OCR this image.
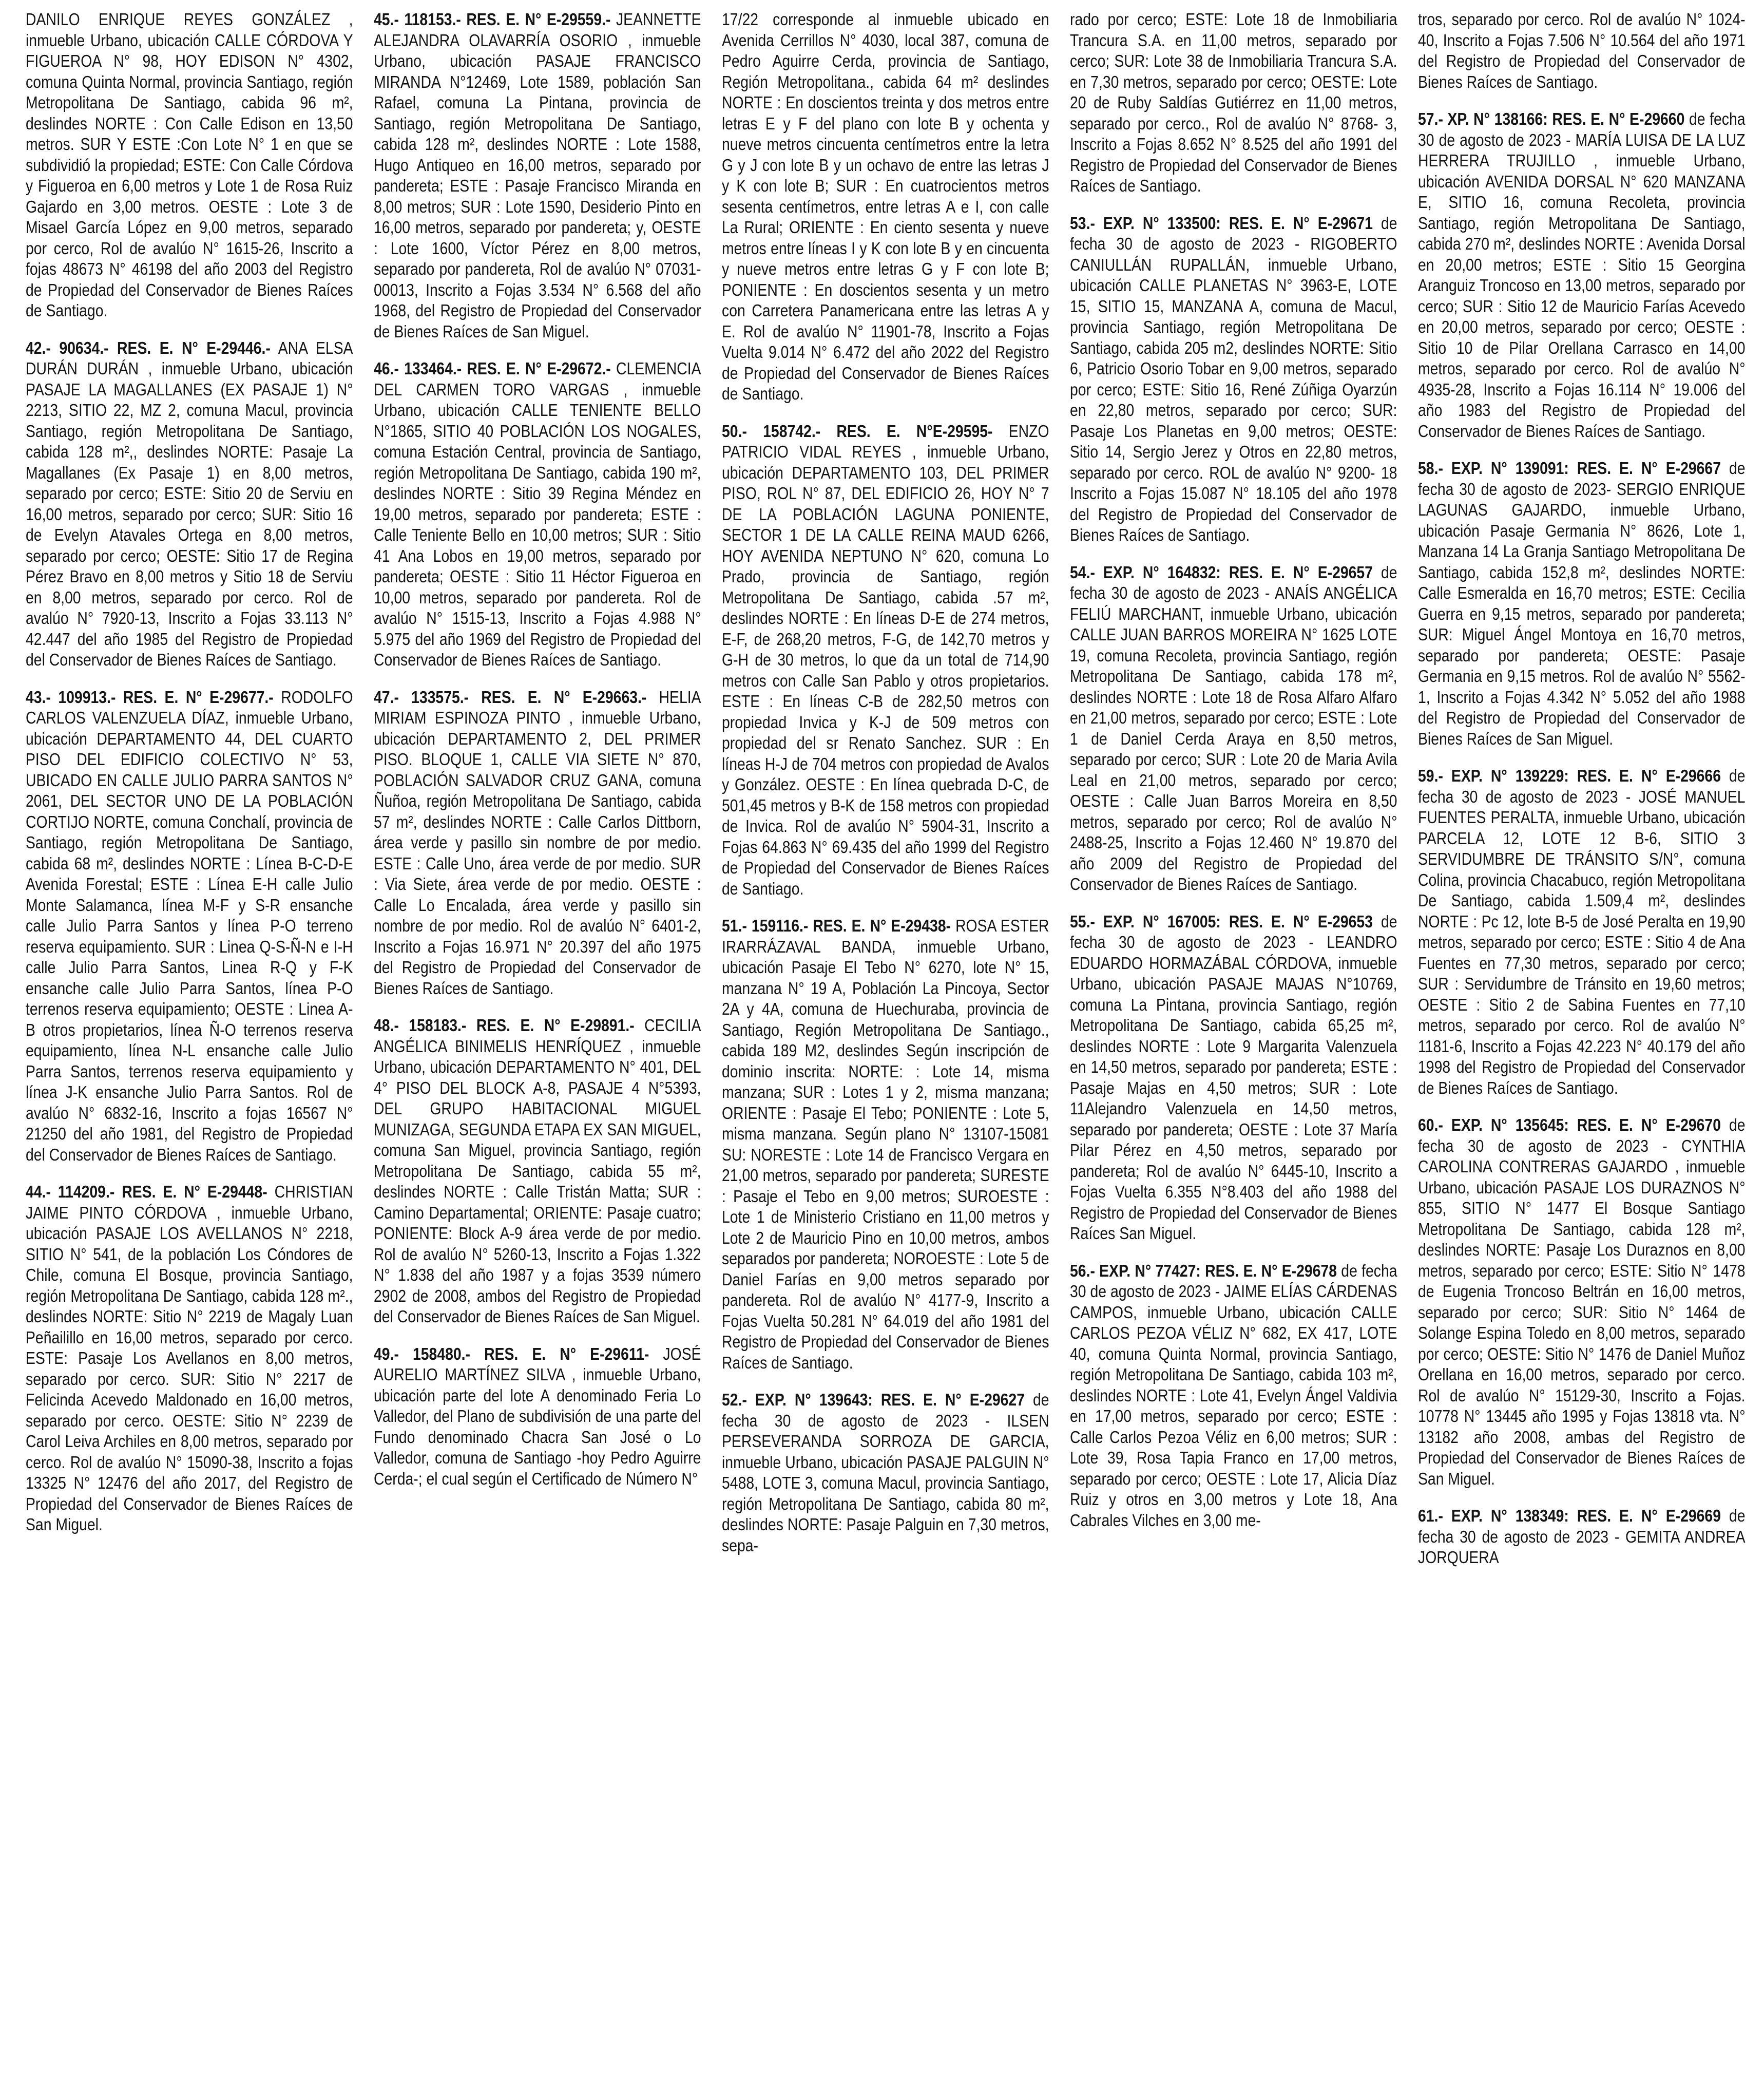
DANILO ENRIQUE REYES GONZÁLEZ , inmueble Urbano, ubicación CALLE CÓRDOVA Y FIGUEROA N° 98, HOY EDISON N° 4302, comuna Quinta Normal, provincia Santiago, región Metropolitana De Santiago, cabida 96 m², deslindes NORTE : Con Calle Edison en 13,50 metros. SUR Y ESTE :Con Lote N° 1 en que se subdividió la propiedad; ESTE: Con Calle Córdova y Figueroa en 6,00 metros y Lote 1 de Rosa Ruiz Gajardo en 3,00 metros. OESTE : Lote 3 de Misael García López en 9,00 metros, separado por cerco, Rol de avalúo N° 1615-26, Inscrito a fojas 48673 N° 46198 del año 2003 del Registro de Propiedad del Conservador de Bienes Raíces de Santiago.

42.- 90634.- RES. E. N° E-29446.- ANA ELSA DURÁN DURÁN , inmueble Urbano, ubicación PASAJE LA MAGALLANES (EX PASAJE 1) N° 2213, SITIO 22, MZ 2, comuna Macul, provincia Santiago, región Metropolitana De Santiago, cabida 128 m²,, deslindes NORTE: Pasaje La Magallanes (Ex Pasaje 1) en 8,00 metros, separado por cerco; ESTE: Sitio 20 de Serviu en 16,00 metros, separado por cerco; SUR: Sitio 16 de Evelyn Atavales Ortega en 8,00 metros, separado por cerco; OESTE: Sitio 17 de Regina Pérez Bravo en 8,00 metros y Sitio 18 de Serviu en 8,00 metros, separado por cerco. Rol de avalúo N° 7920-13, Inscrito a Fojas 33.113 N° 42.447 del año 1985 del Registro de Propiedad del Conservador de Bienes Raíces de Santiago.

43.- 109913.- RES. E. N° E-29677.- RODOLFO CARLOS VALENZUELA DÍAZ, inmueble Urbano, ubicación DEPARTAMENTO 44, DEL CUARTO PISO DEL EDIFICIO COLECTIVO N° 53, UBICADO EN CALLE JULIO PARRA SANTOS N° 2061, DEL SECTOR UNO DE LA POBLACIÓN CORTIJO NORTE, comuna Conchalí, provincia de Santiago, región Metropolitana De Santiago, cabida 68 m², deslindes NORTE : Línea B-C-D-E Avenida Forestal; ESTE : Línea E-H calle Julio Monte Salamanca, línea M-F y S-R ensanche calle Julio Parra Santos y línea P-O terreno reserva equipamiento. SUR : Linea Q-S-Ñ-N e I-H calle Julio Parra Santos, Linea R-Q y F-K ensanche calle Julio Parra Santos, línea P-O terrenos reserva equipamiento; OESTE : Linea A-B otros propietarios, línea Ñ-O terrenos reserva equipamiento, línea N-L ensanche calle Julio Parra Santos, terrenos reserva equipamiento y línea J-K ensanche Julio Parra Santos. Rol de avalúo N° 6832-16, Inscrito a fojas 16567 N° 21250 del año 1981, del Registro de Propiedad del Conservador de Bienes Raíces de Santiago.

44.- 114209.- RES. E. N° E-29448- CHRISTIAN JAIME PINTO CÓRDOVA , inmueble Urbano, ubicación PASAJE LOS AVELLANOS N° 2218, SITIO N° 541, de la población Los Cóndores de Chile, comuna El Bosque, provincia Santiago, región Metropolitana De Santiago, cabida 128 m²., deslindes NORTE: Sitio N° 2219 de Magaly Luan Peñailillo en 16,00 metros, separado por cerco. ESTE: Pasaje Los Avellanos en 8,00 metros, separado por cerco. SUR: Sitio N° 2217 de Felicinda Acevedo Maldonado en 16,00 metros, separado por cerco. OESTE: Sitio N° 2239 de Carol Leiva Archiles en 8,00 metros, separado por cerco. Rol de avalúo N° 15090-38, Inscrito a fojas 13325 N° 12476 del año 2017, del Registro de Propiedad del Conservador de Bienes Raíces de San Miguel.

45.- 118153.- RES. E. N° E-29559.- JEANNETTE ALEJANDRA OLAVARRÍA OSORIO , inmueble Urbano, ubicación PASAJE FRANCISCO MIRANDA N°12469, Lote 1589, población San Rafael, comuna La Pintana, provincia de Santiago, región Metropolitana De Santiago, cabida 128 m², deslindes NORTE : Lote 1588, Hugo Antiqueo en 16,00 metros, separado por pandereta; ESTE : Pasaje Francisco Miranda en 8,00 metros; SUR : Lote 1590, Desiderio Pinto en 16,00 metros, separado por pandereta; y, OESTE : Lote 1600, Víctor Pérez en 8,00 metros, separado por pandereta, Rol de avalúo N° 07031- 00013, Inscrito a Fojas 3.534 N° 6.568 del año 1968, del Registro de Propiedad del Conservador de Bienes Raíces de San Miguel.

46.- 133464.- RES. E. N° E-29672.- CLEMENCIA DEL CARMEN TORO VARGAS , inmueble Urbano, ubicación CALLE TENIENTE BELLO N°1865, SITIO 40 POBLACIÓN LOS NOGALES, comuna Estación Central, provincia de Santiago, región Metropolitana De Santiago, cabida 190 m², deslindes NORTE : Sitio 39 Regina Méndez en 19,00 metros, separado por pandereta; ESTE : Calle Teniente Bello en 10,00 metros; SUR : Sitio 41 Ana Lobos en 19,00 metros, separado por pandereta; OESTE : Sitio 11 Héctor Figueroa en 10,00 metros, separado por pandereta. Rol de avalúo N° 1515-13, Inscrito a Fojas 4.988 N° 5.975 del año 1969 del Registro de Propiedad del Conservador de Bienes Raíces de Santiago.

47.- 133575.- RES. E. N° E-29663.- HELIA MIRIAM ESPINOZA PINTO , inmueble Urbano, ubicación DEPARTAMENTO 2, DEL PRIMER PISO. BLOQUE 1, CALLE VIA SIETE N° 870, POBLACIÓN SALVADOR CRUZ GANA, comuna Ñuñoa, región Metropolitana De Santiago, cabida 57 m², deslindes NORTE : Calle Carlos Dittborn, área verde y pasillo sin nombre de por medio. ESTE : Calle Uno, área verde de por medio. SUR : Via Siete, área verde de por medio. OESTE : Calle Lo Encalada, área verde y pasillo sin nombre de por medio. Rol de avalúo N° 6401-2, Inscrito a Fojas 16.971 N° 20.397 del año 1975 del Registro de Propiedad del Conservador de Bienes Raíces de Santiago.

48.- 158183.- RES. E. N° E-29891.- CECILIA ANGÉLICA BINIMELIS HENRÍQUEZ , inmueble Urbano, ubicación DEPARTAMENTO N° 401, DEL 4° PISO DEL BLOCK A-8, PASAJE 4 N°5393, DEL GRUPO HABITACIONAL MIGUEL MUNIZAGA, SEGUNDA ETAPA EX SAN MIGUEL, comuna San Miguel, provincia Santiago, región Metropolitana De Santiago, cabida 55 m², deslindes NORTE : Calle Tristán Matta; SUR : Camino Departamental; ORIENTE: Pasaje cuatro; PONIENTE: Block A-9 área verde de por medio. Rol de avalúo N° 5260-13, Inscrito a Fojas 1.322 N° 1.838 del año 1987 y a fojas 3539 número 2902 de 2008, ambos del Registro de Propiedad del Conservador de Bienes Raíces de San Miguel.

49.- 158480.- RES. E. N° E-29611- JOSÉ AURELIO MARTÍNEZ SILVA , inmueble Urbano, ubicación parte del lote A denominado Feria Lo Valledor, del Plano de subdivisión de una parte del Fundo denominado Chacra San José o Lo Valledor, comuna de Santiago -hoy Pedro Aguirre Cerda-; el cual según el Certificado de Número N°

17/22 corresponde al inmueble ubicado en Avenida Cerrillos N° 4030, local 387, comuna de Pedro Aguirre Cerda, provincia de Santiago, Región Metropolitana., cabida 64 m² deslindes NORTE : En doscientos treinta y dos metros entre letras E y F del plano con lote B y ochenta y nueve metros cincuenta centímetros entre la letra G y J con lote B y un ochavo de entre las letras J y K con lote B; SUR : En cuatrocientos metros sesenta centímetros, entre letras A e I, con calle La Rural; ORIENTE : En ciento sesenta y nueve metros entre líneas I y K con lote B y en cincuenta y nueve metros entre letras G y F con lote B; PONIENTE : En doscientos sesenta y un metro con Carretera Panamericana entre las letras A y E. Rol de avalúo N° 11901-78, Inscrito a Fojas Vuelta 9.014 N° 6.472 del año 2022 del Registro de Propiedad del Conservador de Bienes Raíces de Santiago.

50.- 158742.- RES. E. N°E-29595- ENZO PATRICIO VIDAL REYES , inmueble Urbano, ubicación DEPARTAMENTO 103, DEL PRIMER PISO, ROL N° 87, DEL EDIFICIO 26, HOY N° 7 DE LA POBLACIÓN LAGUNA PONIENTE, SECTOR 1 DE LA CALLE REINA MAUD 6266, HOY AVENIDA NEPTUNO N° 620, comuna Lo Prado, provincia de Santiago, región Metropolitana De Santiago, cabida .57 m², deslindes NORTE : En líneas D-E de 274 metros, E-F, de 268,20 metros, F-G, de 142,70 metros y G-H de 30 metros, lo que da un total de 714,90 metros con Calle San Pablo y otros propietarios. ESTE : En líneas C-B de 282,50 metros con propiedad Invica y K-J de 509 metros con propiedad del sr Renato Sanchez. SUR : En líneas H-J de 704 metros con propiedad de Avalos y González. OESTE : En línea quebrada D-C, de 501,45 metros y B-K de 158 metros con propiedad de Invica. Rol de avalúo N° 5904-31, Inscrito a Fojas 64.863 N° 69.435 del año 1999 del Registro de Propiedad del Conservador de Bienes Raíces de Santiago.

51.- 159116.- RES. E. N° E-29438- ROSA ESTER IRARRÁZAVAL BANDA, inmueble Urbano, ubicación Pasaje El Tebo N° 6270, lote N° 15, manzana N° 19 A, Población La Pincoya, Sector 2A y 4A, comuna de Huechuraba, provincia de Santiago, Región Metropolitana De Santiago., cabida 189 M2, deslindes Según inscripción de dominio inscrita: NORTE: : Lote 14, misma manzana; SUR : Lotes 1 y 2, misma manzana; ORIENTE : Pasaje El Tebo; PONIENTE : Lote 5, misma manzana. Según plano N° 13107-15081 SU: NORESTE : Lote 14 de Francisco Vergara en 21,00 metros, separado por pandereta; SURESTE : Pasaje el Tebo en 9,00 metros; SUROESTE : Lote 1 de Ministerio Cristiano en 11,00 metros y Lote 2 de Mauricio Pino en 10,00 metros, ambos separados por pandereta; NOROESTE : Lote 5 de Daniel Farías en 9,00 metros separado por pandereta. Rol de avalúo N° 4177-9, Inscrito a Fojas Vuelta 50.281 N° 64.019 del año 1981 del Registro de Propiedad del Conservador de Bienes Raíces de Santiago.

52.- EXP. N° 139643: RES. E. N° E-29627 de fecha 30 de agosto de 2023 - ILSEN PERSEVERANDA SORROZA DE GARCIA, inmueble Urbano, ubicación PASAJE PALGUIN N° 5488, LOTE 3, comuna Macul, provincia Santiago, región Metropolitana De Santiago, cabida 80 m², deslindes NORTE: Pasaje Palguin en 7,30 metros, sepa-

rado por cerco; ESTE: Lote 18 de Inmobiliaria Trancura S.A. en 11,00 metros, separado por cerco; SUR: Lote 38 de Inmobiliaria Trancura S.A. en 7,30 metros, separado por cerco; OESTE: Lote 20 de Ruby Saldías Gutiérrez en 11,00 metros, separado por cerco., Rol de avalúo N° 8768- 3, Inscrito a Fojas 8.652 N° 8.525 del año 1991 del Registro de Propiedad del Conservador de Bienes Raíces de Santiago.

53.- EXP. N° 133500: RES. E. N° E-29671 de fecha 30 de agosto de 2023 - RIGOBERTO CANIULLÁN RUPALLÁN, inmueble Urbano, ubicación CALLE PLANETAS N° 3963-E, LOTE 15, SITIO 15, MANZANA A, comuna de Macul, provincia Santiago, región Metropolitana De Santiago, cabida 205 m2, deslindes NORTE: Sitio 6, Patricio Osorio Tobar en 9,00 metros, separado por cerco; ESTE: Sitio 16, René Zúñiga Oyarzún en 22,80 metros, separado por cerco; SUR: Pasaje Los Planetas en 9,00 metros; OESTE: Sitio 14, Sergio Jerez y Otros en 22,80 metros, separado por cerco. ROL de avalúo N° 9200- 18 Inscrito a Fojas 15.087 N° 18.105 del año 1978 del Registro de Propiedad del Conservador de Bienes Raíces de Santiago.

54.- EXP. N° 164832: RES. E. N° E-29657 de fecha 30 de agosto de 2023 - ANAÍS ANGÉLICA FELIÚ MARCHANT, inmueble Urbano, ubicación CALLE JUAN BARROS MOREIRA N° 1625 LOTE 19, comuna Recoleta, provincia Santiago, región Metropolitana De Santiago, cabida 178 m², deslindes NORTE : Lote 18 de Rosa Alfaro Alfaro en 21,00 metros, separado por cerco; ESTE : Lote 1 de Daniel Cerda Araya en 8,50 metros, separado por cerco; SUR : Lote 20 de Maria Avila Leal en 21,00 metros, separado por cerco; OESTE : Calle Juan Barros Moreira en 8,50 metros, separado por cerco; Rol de avalúo N° 2488-25, Inscrito a Fojas 12.460 N° 19.870 del año 2009 del Registro de Propiedad del Conservador de Bienes Raíces de Santiago.

55.- EXP. N° 167005: RES. E. N° E-29653 de fecha 30 de agosto de 2023 - LEANDRO EDUARDO HORMAZÁBAL CÓRDOVA, inmueble Urbano, ubicación PASAJE MAJAS N°10769, comuna La Pintana, provincia Santiago, región Metropolitana De Santiago, cabida 65,25 m², deslindes NORTE : Lote 9 Margarita Valenzuela en 14,50 metros, separado por pandereta; ESTE : Pasaje Majas en 4,50 metros; SUR : Lote 11Alejandro Valenzuela en 14,50 metros, separado por pandereta; OESTE : Lote 37 María Pilar Pérez en 4,50 metros, separado por pandereta; Rol de avalúo N° 6445-10, Inscrito a Fojas Vuelta 6.355 N°8.403 del año 1988 del Registro de Propiedad del Conservador de Bienes Raíces San Miguel.

56.- EXP. N° 77427: RES. E. N° E-29678 de fecha 30 de agosto de 2023 - JAIME ELÍAS CÁRDENAS CAMPOS, inmueble Urbano, ubicación CALLE CARLOS PEZOA VÉLIZ N° 682, EX 417, LOTE 40, comuna Quinta Normal, provincia Santiago, región Metropolitana De Santiago, cabida 103 m², deslindes NORTE : Lote 41, Evelyn Ángel Valdivia en 17,00 metros, separado por cerco; ESTE : Calle Carlos Pezoa Véliz en 6,00 metros; SUR : Lote 39, Rosa Tapia Franco en 17,00 metros, separado por cerco; OESTE : Lote 17, Alicia Díaz Ruiz y otros en 3,00 metros y Lote 18, Ana Cabrales Vilches en 3,00 me-

tros, separado por cerco. Rol de avalúo N° 1024-40, Inscrito a Fojas 7.506 N° 10.564 del año 1971 del Registro de Propiedad del Conservador de Bienes Raíces de Santiago.

57.- XP. N° 138166: RES. E. N° E-29660 de fecha 30 de agosto de 2023 - MARÍA LUISA DE LA LUZ HERRERA TRUJILLO , inmueble Urbano, ubicación AVENIDA DORSAL N° 620 MANZANA E, SITIO 16, comuna Recoleta, provincia Santiago, región Metropolitana De Santiago, cabida 270 m², deslindes NORTE : Avenida Dorsal en 20,00 metros; ESTE : Sitio 15 Georgina Aranguiz Troncoso en 13,00 metros, separado por cerco; SUR : Sitio 12 de Mauricio Farías Acevedo en 20,00 metros, separado por cerco; OESTE : Sitio 10 de Pilar Orellana Carrasco en 14,00 metros, separado por cerco. Rol de avalúo N° 4935-28, Inscrito a Fojas 16.114 N° 19.006 del año 1983 del Registro de Propiedad del Conservador de Bienes Raíces de Santiago.

58.- EXP. N° 139091: RES. E. N° E-29667 de fecha 30 de agosto de 2023- SERGIO ENRIQUE LAGUNAS GAJARDO, inmueble Urbano, ubicación Pasaje Germania N° 8626, Lote 1, Manzana 14 La Granja Santiago Metropolitana De Santiago, cabida 152,8 m², deslindes NORTE: Calle Esmeralda en 16,70 metros; ESTE: Cecilia Guerra en 9,15 metros, separado por pandereta; SUR: Miguel Ángel Montoya en 16,70 metros, separado por pandereta; OESTE: Pasaje Germania en 9,15 metros. Rol de avalúo N° 5562-1, Inscrito a Fojas 4.342 N° 5.052 del año 1988 del Registro de Propiedad del Conservador de Bienes Raíces de San Miguel.

59.- EXP. N° 139229: RES. E. N° E-29666 de fecha 30 de agosto de 2023 - JOSÉ MANUEL FUENTES PERALTA, inmueble Urbano, ubicación PARCELA 12, LOTE 12 B-6, SITIO 3 SERVIDUMBRE DE TRÁNSITO S/N°, comuna Colina, provincia Chacabuco, región Metropolitana De Santiago, cabida 1.509,4 m², deslindes NORTE : Pc 12, lote B-5 de José Peralta en 19,90 metros, separado por cerco; ESTE : Sitio 4 de Ana Fuentes en 77,30 metros, separado por cerco; SUR : Servidumbre de Tránsito en 19,60 metros; OESTE : Sitio 2 de Sabina Fuentes en 77,10 metros, separado por cerco. Rol de avalúo N° 1181-6, Inscrito a Fojas 42.223 N° 40.179 del año 1998 del Registro de Propiedad del Conservador de Bienes Raíces de Santiago.

60.- EXP. N° 135645: RES. E. N° E-29670 de fecha 30 de agosto de 2023 - CYNTHIA CAROLINA CONTRERAS GAJARDO , inmueble Urbano, ubicación PASAJE LOS DURAZNOS N° 855, SITIO N° 1477 El Bosque Santiago Metropolitana De Santiago, cabida 128 m², deslindes NORTE: Pasaje Los Duraznos en 8,00 metros, separado por cerco; ESTE: Sitio N° 1478 de Eugenia Troncoso Beltrán en 16,00 metros, separado por cerco; SUR: Sitio N° 1464 de Solange Espina Toledo en 8,00 metros, separado por cerco; OESTE: Sitio N° 1476 de Daniel Muñoz Orellana en 16,00 metros, separado por cerco. Rol de avalúo N° 15129-30, Inscrito a Fojas. 10778 N° 13445 año 1995 y Fojas 13818 vta. N° 13182 año 2008, ambas del Registro de Propiedad del Conservador de Bienes Raíces de San Miguel.

61.- EXP. N° 138349: RES. E. N° E-29669 de fecha 30 de agosto de 2023 - GEMITA ANDREA JORQUERA
